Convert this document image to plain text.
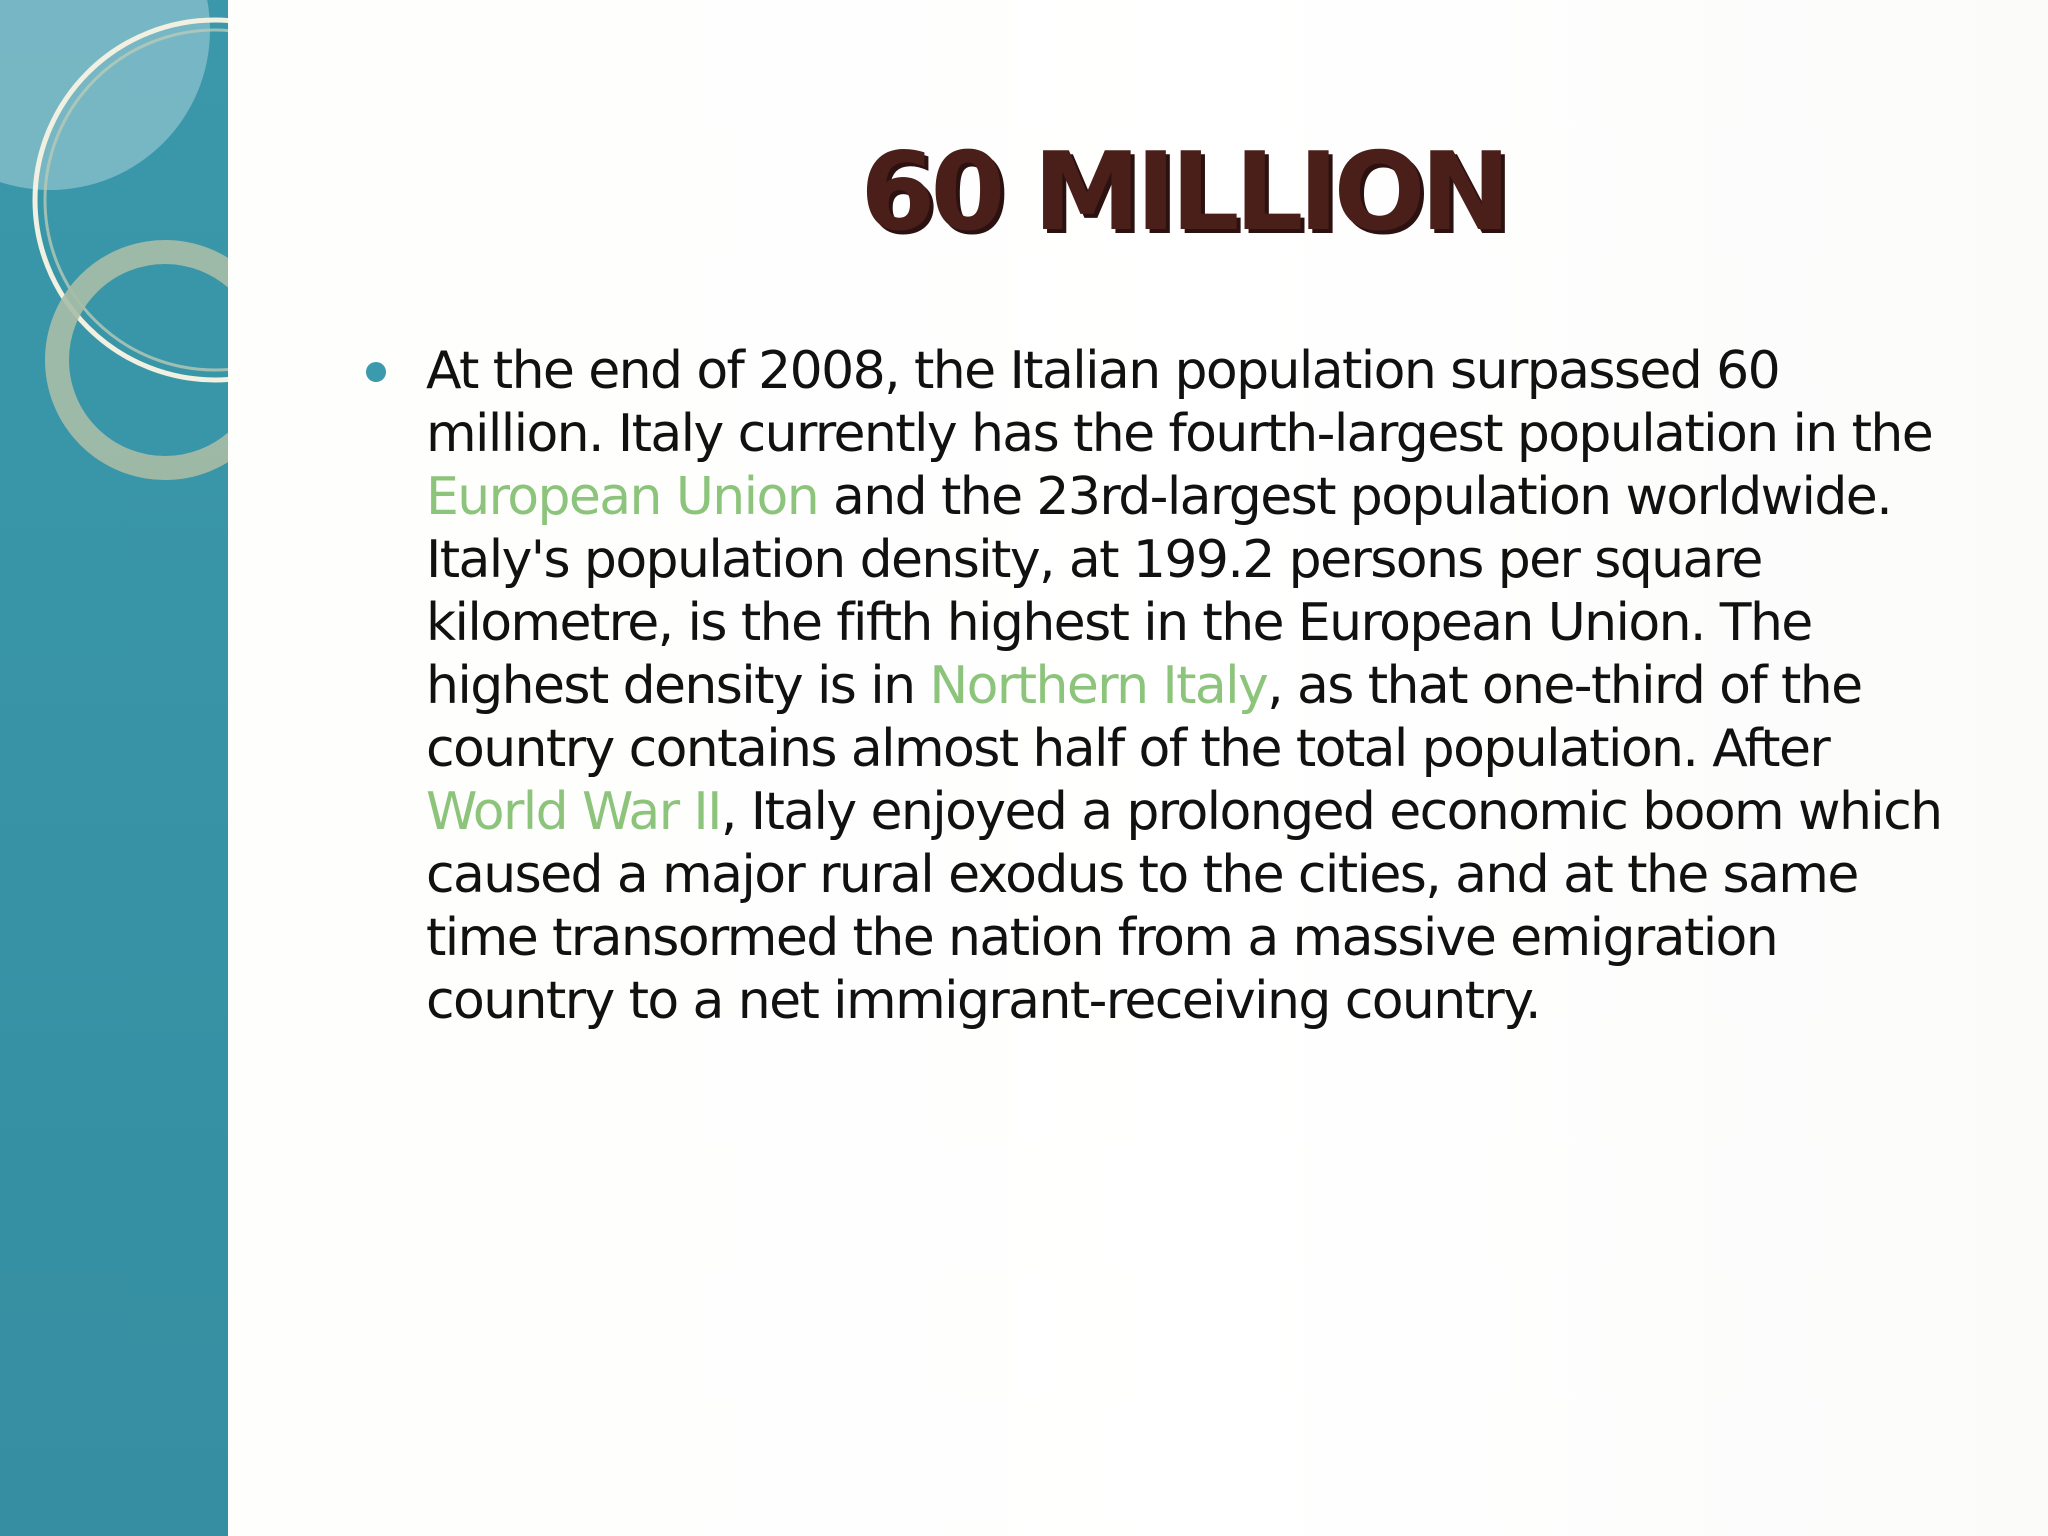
60 MILLION
At the end of 2008, the Italian population surpassed 60 million. Italy currently has the fourth-largest population in the European Union and the 23rd-largest population worldwide. Italy's population density, at 199.2 persons per square kilometre, is the fifth highest in the European Union. The highest density is in Northern Italy, as that one-third of the country contains almost half of the total population. After World War II, Italy enjoyed a prolonged economic boom which caused a major rural exodus to the cities, and at the same time transormed the nation from a massive emigration country to a net immigrant-receiving country.
